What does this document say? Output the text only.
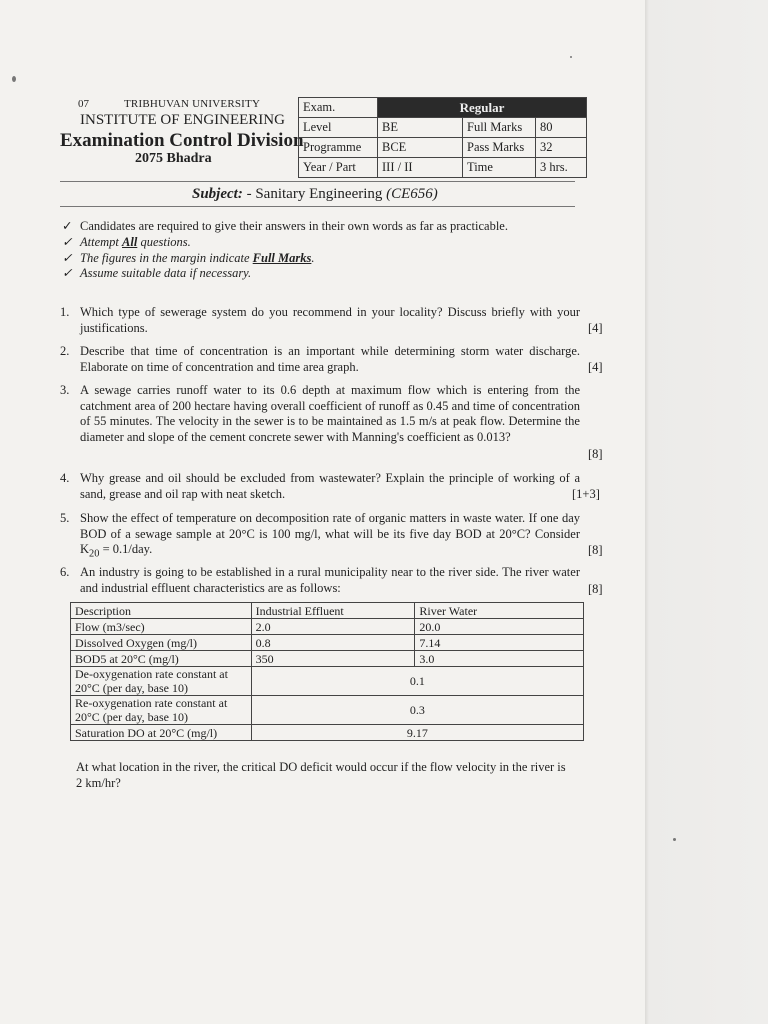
07	TRIBHUVAN UNIVERSITY
INSTITUTE OF ENGINEERING
Examination Control Division
2075 Bhadra
Exam.	Regular		
Level	BE	Full Marks	80
Programme	BCE	Pass Marks	32
Year / Part	III / II	Time	3 hrs.
Subject: - Sanitary Engineering (CE656)
✓ Candidates are required to give their answers in their own words as far as practicable.
✓ Attempt All questions.
✓ The figures in the margin indicate Full Marks.
✓ Assume suitable data if necessary.
1. Which type of sewerage system do you recommend in your locality? Discuss briefly with your justifications.	[4]
2. Describe that time of concentration is an important while determining storm water discharge. Elaborate on time of concentration and time area graph.	[4]
3. A sewage carries runoff water to its 0.6 depth at maximum flow which is entering from the catchment area of 200 hectare having overall coefficient of runoff as 0.45 and time of concentration of 55 minutes. The velocity in the sewer is to be maintained as 1.5 m/s at peak flow. Determine the diameter and slope of the cement concrete sewer with Manning's coefficient as 0.013?
[8]
4. Why grease and oil should be excluded from wastewater? Explain the principle of working of a sand, grease and oil rap with neat sketch.	[1+3]
5. Show the effect of temperature on decomposition rate of organic matters in waste water. If one day BOD of a sewage sample at 20°C is 100 mg/l, what will be its five day BOD at 20°C? Consider $K_{20} = 0.1/day$.	[8]
6. An industry is going to be established in a rural municipality near to the river side. The river water and industrial effluent characteristics are as follows:	[8]
Description	Industrial Effluent	River Water
Flow (m3/sec)	2.0	20.0
Dissolved Oxygen (mg/l)	0.8	7.14
BOD5 at 20°C (mg/l)	350	3.0
De-oxygenation rate constant at 20°C (per day, base 10)	0.1	
Re-oxygenation rate constant at 20°C (per day, base 10)	0.3	
Saturation DO at 20°C (mg/l)	9.17	
At what location in the river, the critical DO deficit would occur if the flow velocity in the river is 2 km/hr?
